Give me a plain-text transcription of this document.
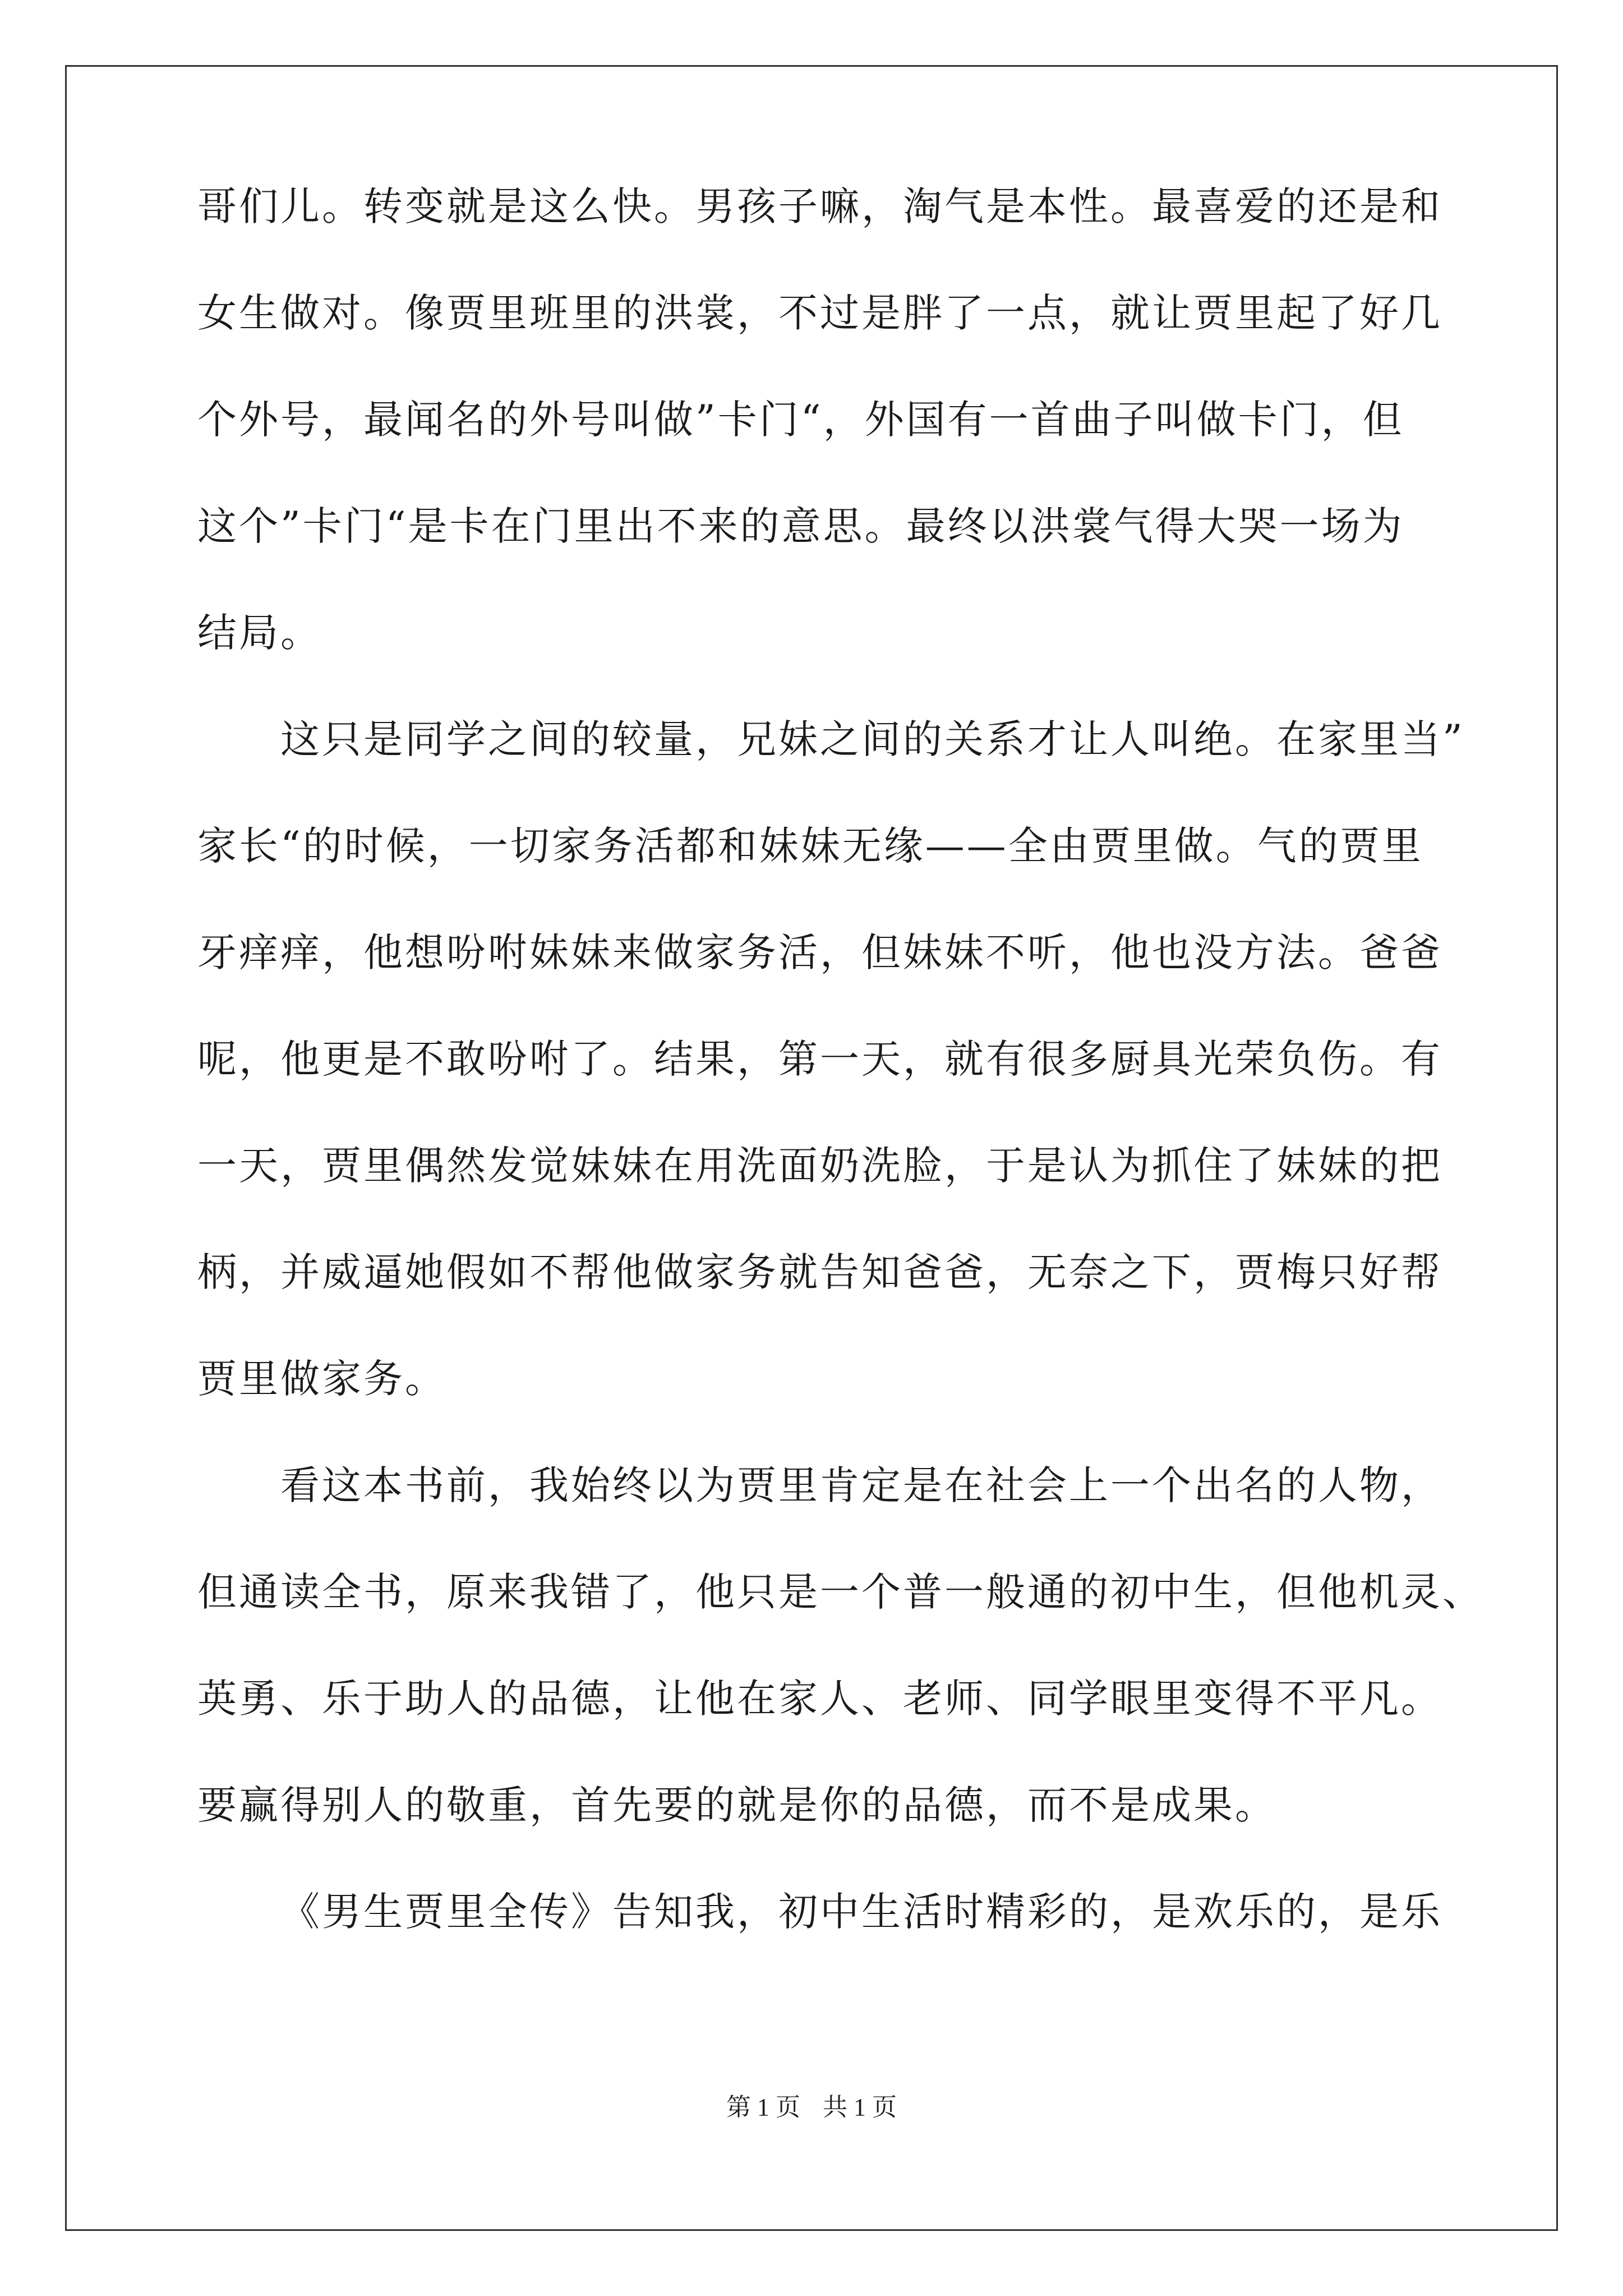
哥们儿。转变就是这么快。男孩子嘛，淘气是本性。最喜爱的还是和
女生做对。像贾里班里的洪裳，不过是胖了一点，就让贾里起了好几
个外号，最闻名的外号叫做”卡门“，外国有一首曲子叫做卡门，但
这个”卡门“是卡在门里出不来的意思。最终以洪裳气得大哭一场为
结局。
这只是同学之间的较量，兄妹之间的关系才让人叫绝。在家里当”
家长“的时候，一切家务活都和妹妹无缘——全由贾里做。气的贾里
牙痒痒，他想吩咐妹妹来做家务活，但妹妹不听，他也没方法。爸爸
呢，他更是不敢吩咐了。结果，第一天，就有很多厨具光荣负伤。有
一天，贾里偶然发觉妹妹在用洗面奶洗脸，于是认为抓住了妹妹的把
柄，并威逼她假如不帮他做家务就告知爸爸，无奈之下，贾梅只好帮
贾里做家务。
看这本书前，我始终以为贾里肯定是在社会上一个出名的人物，
但通读全书，原来我错了，他只是一个普一般通的初中生，但他机灵、
英勇、乐于助人的品德，让他在家人、老师、同学眼里变得不平凡。
要赢得别人的敬重，首先要的就是你的品德，而不是成果。
《男生贾里全传》告知我，初中生活时精彩的，是欢乐的，是乐
第 1 页 共 1 页
